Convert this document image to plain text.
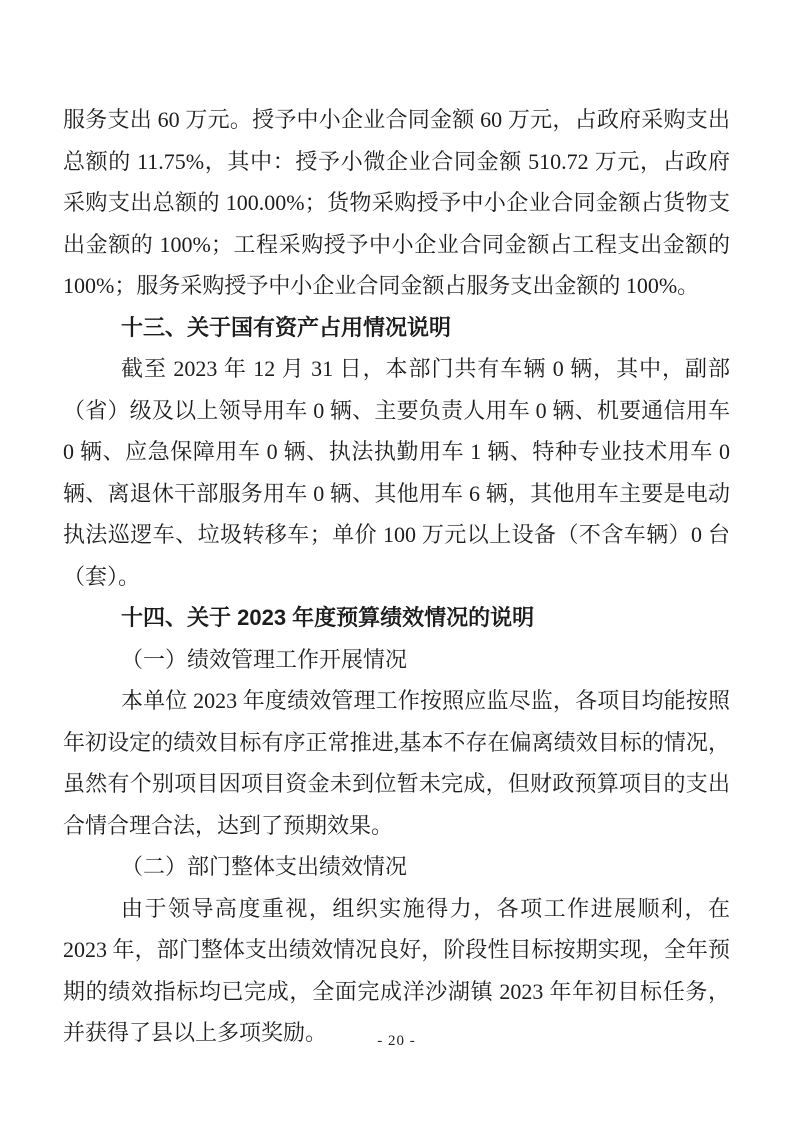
服务支出 60 万元。授予中小企业合同金额 60 万元，占政府采购支出总额的 11.75%，其中：授予小微企业合同金额 510.72 万元，占政府采购支出总额的 100.00%；货物采购授予中小企业合同金额占货物支出金额的 100%；工程采购授予中小企业合同金额占工程支出金额的 100%；服务采购授予中小企业合同金额占服务支出金额的 100%。

十三、关于国有资产占用情况说明

截至 2023 年 12 月 31 日，本部门共有车辆 0 辆，其中，副部（省）级及以上领导用车 0 辆、主要负责人用车 0 辆、机要通信用车 0 辆、应急保障用车 0 辆、执法执勤用车 1 辆、特种专业技术用车 0 辆、离退休干部服务用车 0 辆、其他用车 6 辆，其他用车主要是电动执法巡逻车、垃圾转移车；单价 100 万元以上设备（不含车辆）0 台（套）。

十四、关于 2023 年度预算绩效情况的说明

（一）绩效管理工作开展情况

本单位 2023 年度绩效管理工作按照应监尽监，各项目均能按照年初设定的绩效目标有序正常推进,基本不存在偏离绩效目标的情况，虽然有个别项目因项目资金未到位暂未完成，但财政预算项目的支出合情合理合法，达到了预期效果。

（二）部门整体支出绩效情况

由于领导高度重视，组织实施得力，各项工作进展顺利，在 2023 年，部门整体支出绩效情况良好，阶段性目标按期实现，全年预期的绩效指标均已完成，全面完成洋沙湖镇 2023 年年初目标任务，并获得了县以上多项奖励。	- 20 -
